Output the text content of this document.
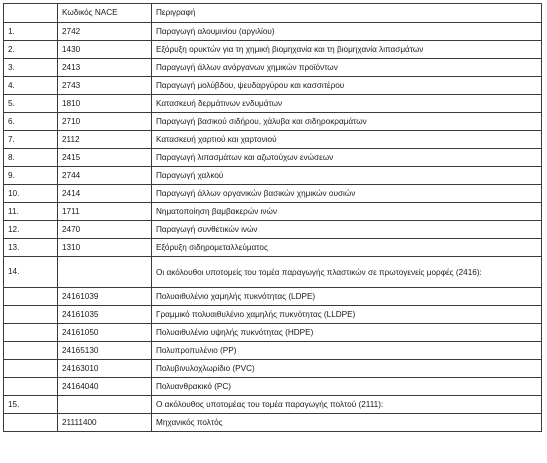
	Κωδικός NACE	Περιγραφή
1.	2742	Παραγωγή αλουμινίου (αργιλίου)
2.	1430	Εξόρυξη ορυκτών για τη χημική βιομηχανία και τη βιομηχανία λιπασμάτων
3.	2413	Παραγωγή άλλων ανόργανων χημικών προϊόντων
4.	2743	Παραγωγή μολύβδου, ψευδαργύρου και κασσιτέρου
5.	1810	Κατασκευή δερμάτινων ενδυμάτων
6.	2710	Παραγωγή βασικού σιδήρου, χάλυβα και σιδηροκραμάτων
7.	2112	Κατασκευή χαρτιού και χαρτονιού
8.	2415	Παραγωγή λιπασμάτων και αζωτούχων ενώσεων
9.	2744	Παραγωγή χαλκού
10.	2414	Παραγωγή άλλων οργανικών βασικών χημικών ουσιών
11.	1711	Νηματοποίηση βαμβακερών ινών
12.	2470	Παραγωγή συνθετικών ινών
13.	1310	Εξόρυξη σιδηρομεταλλεύματος
14.		Οι ακόλουθοι υποτομείς του τομέα παραγωγής πλαστικών σε πρωτογενείς μορφές (2416):
	24161039	Πολυαιθυλένιο χαμηλής πυκνότητας (LDPE)
	24161035	Γραμμικό πολυαιθυλένιο χαμηλής πυκνότητας (LLDPE)
	24161050	Πολυαιθυλένιο υψηλής πυκνότητας (HDPE)
	24165130	Πολυπροπυλένιο (PP)
	24163010	Πολυβινυλοχλωρίδιο (PVC)
	24164040	Πολυανθρακικό (PC)
15.		Ο ακόλουθος υποτομέας του τομέα παραγωγής πολτού (2111):
	21111400	Μηχανικός πολτός
